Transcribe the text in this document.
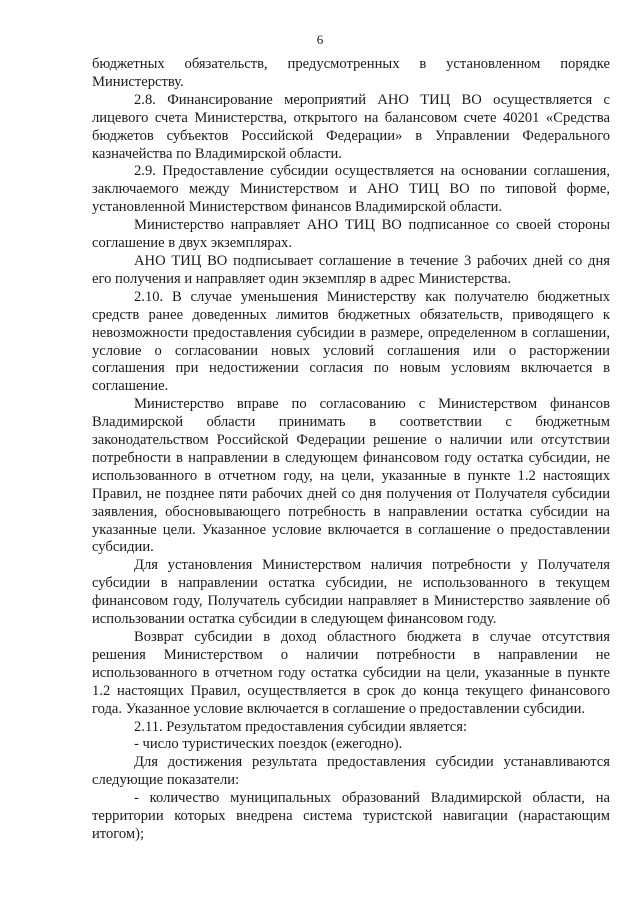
6

бюджетных обязательств, предусмотренных в установленном порядке Министерству.

2.8. Финансирование мероприятий АНО ТИЦ ВО осуществляется с лицевого счета Министерства, открытого на балансовом счете 40201 «Средства бюджетов субъектов Российской Федерации» в Управлении Федерального казначейства по Владимирской области.

2.9. Предоставление субсидии осуществляется на основании соглашения, заключаемого между Министерством и АНО ТИЦ ВО по типовой форме, установленной Министерством финансов Владимирской области.

Министерство направляет АНО ТИЦ ВО подписанное со своей стороны соглашение в двух экземплярах.

АНО ТИЦ ВО подписывает соглашение в течение 3 рабочих дней со дня его получения и направляет один экземпляр в адрес Министерства.

2.10. В случае уменьшения Министерству как получателю бюджетных средств ранее доведенных лимитов бюджетных обязательств, приводящего к невозможности предоставления субсидии в размере, определенном в соглашении, условие о согласовании новых условий соглашения или о расторжении соглашения при недостижении согласия по новым условиям включается в соглашение.

Министерство вправе по согласованию с Министерством финансов Владимирской области принимать в соответствии с бюджетным законодательством Российской Федерации решение о наличии или отсутствии потребности в направлении в следующем финансовом году остатка субсидии, не использованного в отчетном году, на цели, указанные в пункте 1.2 настоящих Правил, не позднее пяти рабочих дней со дня получения от Получателя субсидии заявления, обосновывающего потребность в направлении остатка субсидии на указанные цели. Указанное условие включается в соглашение о предоставлении субсидии.

Для установления Министерством наличия потребности у Получателя субсидии в направлении остатка субсидии, не использованного в текущем финансовом году, Получатель субсидии направляет в Министерство заявление об использовании остатка субсидии в следующем финансовом году.

Возврат субсидии в доход областного бюджета в случае отсутствия решения Министерством о наличии потребности в направлении не использованного в отчетном году остатка субсидии на цели, указанные в пункте 1.2 настоящих Правил, осуществляется в срок до конца текущего финансового года. Указанное условие включается в соглашение о предоставлении субсидии.

2.11. Результатом предоставления субсидии является:

- число туристических поездок (ежегодно).

Для достижения результата предоставления субсидии устанавливаются следующие показатели:

- количество муниципальных образований Владимирской области, на территории которых внедрена система туристской навигации (нарастающим итогом);
